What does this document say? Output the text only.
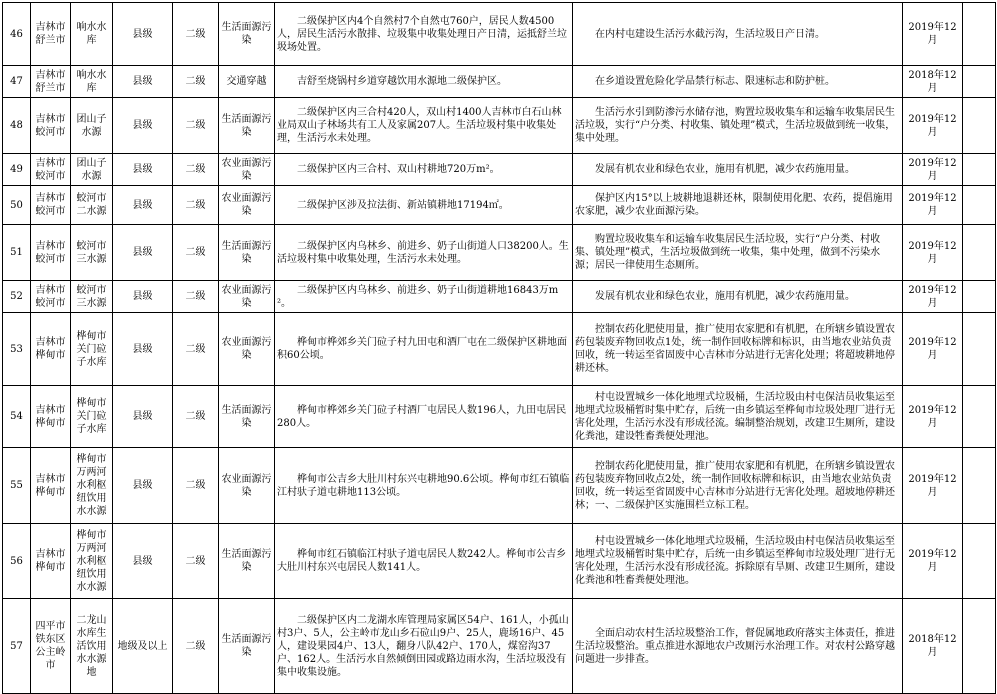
46	吉林市舒兰市	响水水库	县级	二级	生活面源污染	二级保护区内4个自然村7个自然屯760户，居民人数4500人，居民生活污水散排、垃圾集中收集处理日产日清，运抵舒兰垃圾场处置。	在内村屯建设生活污水截污沟，生活垃圾日产日清。	2019年12月	
47	吉林市舒兰市	响水水库	县级	二级	交通穿越	吉舒至烧锅村乡道穿越饮用水源地二级保护区。	在乡道设置危险化学品禁行标志、限速标志和防护桩。	2018年12月	
48	吉林市蛟河市	团山子水源	县级	二级	生活面源污染	二级保护区内三合村420人，双山村1400人吉林市白石山林业局双山子林场共有工人及家属207人。生活垃圾村集中收集处理，生活污水未处理。	生活污水引到防渗污水储存池，购置垃圾收集车和运输车收集居民生活垃圾，实行“户分类、村收集、镇处理”模式，生活垃圾做到统一收集，集中处理。	2019年12月	
49	吉林市蛟河市	团山子水源	县级	二级	农业面源污染	二级保护区内三合村、双山村耕地720万m²。	发展有机农业和绿色农业，施用有机肥，减少农药施用量。	2019年12月	
50	吉林市蛟河市	蛟河市二水源	县级	二级	农业面源污染	二级保护区涉及拉法街、新站镇耕地17194㎡。	保护区内15°以上坡耕地退耕还林，限制使用化肥、农药，提倡施用农家肥，减少农业面源污染。	2019年12月	
51	吉林市蛟河市	蛟河市三水源	县级	二级	生活面源污染	二级保护区内乌林乡、前进乡、奶子山街道人口38200人。生活垃圾村集中收集处理，生活污水未处理。	购置垃圾收集车和运输车收集居民生活垃圾，实行“户分类、村收集、镇处理”模式，生活垃圾做到统一收集，集中处理，做到不污染水源；居民一律使用生态厕所。	2019年12月	
52	吉林市蛟河市	蛟河市三水源	县级	二级	农业面源污染	二级保护区内乌林乡、前进乡、奶子山街道耕地16843万m²。	发展有机农业和绿色农业，施用有机肥，减少农药施用量。	2019年12月	
53	吉林市桦甸市	桦甸市关门砬子水库	县级	二级	农业面源污染	桦甸市桦郊乡关门砬子村九田屯和酒厂屯在二级保护区耕地面积60公顷。	控制农药化肥使用量，推广使用农家肥和有机肥，在所辖乡镇设置农药包装废弃物回收点1处，统一制作回收标牌和标识，由当地农业站负责回收，统一转运至省固废中心吉林市分站进行无害化处理；将超坡耕地停耕还林。	2019年12月	
54	吉林市桦甸市	桦甸市关门砬子水库	县级	二级	生活面源污染	桦甸市桦郊乡关门砬子村酒厂屯居民人数196人，九田屯居民280人。	村屯设置城乡一体化地埋式垃圾桶，生活垃圾由村屯保洁员收集运至地埋式垃圾桶暂时集中贮存，后统一由乡镇运至桦甸市垃圾处理厂进行无害化处理，生活污水没有形成径流。编制整治规划，改建卫生厕所，建设化粪池，建设牲畜粪便处理池。	2019年12月	
55	吉林市桦甸市	桦甸市万两河水利枢纽饮用水水源	县级	二级	农业面源污染	桦甸市公吉乡大肚川村东兴屯耕地90.6公顷。桦甸市红石镇临江村驮子道屯耕地113公顷。	控制农药化肥使用量，推广使用农家肥和有机肥，在所辖乡镇设置农药包装废弃物回收点2处，统一制作回收标牌和标识，由当地农业站负责回收，统一转运至省固废中心吉林市分站进行无害化处理。超坡地停耕还林；一、二级保护区实施围栏立标工程。	2019年12月	
56	吉林市桦甸市	桦甸市万两河水利枢纽饮用水水源	县级	二级	生活面源污染	桦甸市红石镇临江村驮子道屯居民人数242人。桦甸市公吉乡大肚川村东兴屯居民人数141人。	村屯设置城乡一体化地埋式垃圾桶，生活垃圾由村屯保洁员收集运至地埋式垃圾桶暂时集中贮存，后统一由乡镇运至桦甸市垃圾处理厂进行无害化处理，生活污水没有形成径流。拆除原有旱厕、改建卫生厕所，建设化粪池和牲畜粪便处理池。	2019年12月	
57	四平市铁东区公主岭市	二龙山水库生活饮用水水源地	地级及以上	二级	生活面源污染	二级保护区内二龙湖水库管理局家属区54户、161人，小孤山村3户、5人，公主岭市龙山乡石砬山9户、25人，鹿场16户、45人，建设果园4户、13人，翻身八队42户、170人，煤窑沟37户、162人。生活污水自然倾倒田园或路边雨水沟，生活垃圾没有集中收集设施。	全面启动农村生活垃圾整治工作，督促属地政府落实主体责任，推进生活垃圾整治。重点推进水源地农户改厕污水治理工作。对农村公路穿越问题进一步排查。	2018年12月	
